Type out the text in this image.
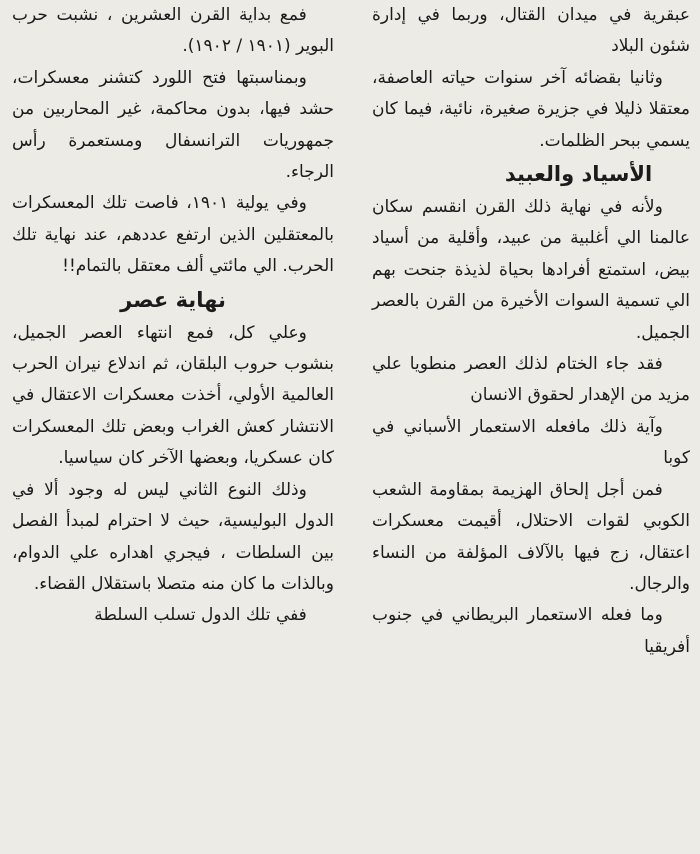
عبقرية في ميدان القتال، وربما في إدارة شئون البلاد

وثانيا بقضائه آخر سنوات حياته العاصفة، معتقلا ذليلا في جزيرة صغيرة، نائية، فيما كان يسمي ببحر الظلمات.

الأسياد والعبيد

ولأنه في نهاية ذلك القرن انقسم سكان عالمنا الي أغلبية من عبيد، وأقلية من أسياد بيض، استمتع أفرادها بحياة لذيذة جنحت بهم الي تسمية السوات الأخيرة من القرن بالعصر الجميل.

فقد جاء الختام لذلك العصر منطويا علي مزيد من الإهدار لحقوق الانسان

وآية ذلك مافعله الاستعمار الأسباني في كوبا

فمن أجل إلحاق الهزيمة بمقاومة الشعب الكوبي لقوات الاحتلال، أقيمت معسكرات اعتقال، زج فيها بالآلاف المؤلفة من النساء والرجال.

وما فعله الاستعمار البريطاني في جنوب أفريقيا

فمع بداية القرن العشرين ، نشبت حرب البوير (١٩٠١ / ١٩٠٢).

وبمناسبتها فتح اللورد كتشنر معسكرات، حشد فيها، بدون محاكمة، غير المحاربين من جمهوريات الترانسفال ومستعمرة رأس الرجاء.

وفي يولية ١٩٠١، فاصت تلك المعسكرات بالمعتقلين الذين ارتفع عددهم، عند نهاية تلك الحرب. الي مائتي ألف معتقل بالتمام!!

نهاية عصر

وعلي كل، فمع انتهاء العصر الجميل، بنشوب حروب البلقان، ثم اندلاع نيران الحرب العالمية الأولي، أخذت معسكرات الاعتقال في الانتشار كعش الغراب وبعض تلك المعسكرات كان عسكريا، وبعضها الآخر كان سياسيا.

وذلك النوع الثاني ليس له وجود ألا في الدول البوليسية، حيث لا احترام لمبدأ الفصل بين السلطات ، فيجري اهداره علي الدوام، وبالذات ما كان منه متصلا باستقلال القضاء.

ففي تلك الدول تسلب السلطة
